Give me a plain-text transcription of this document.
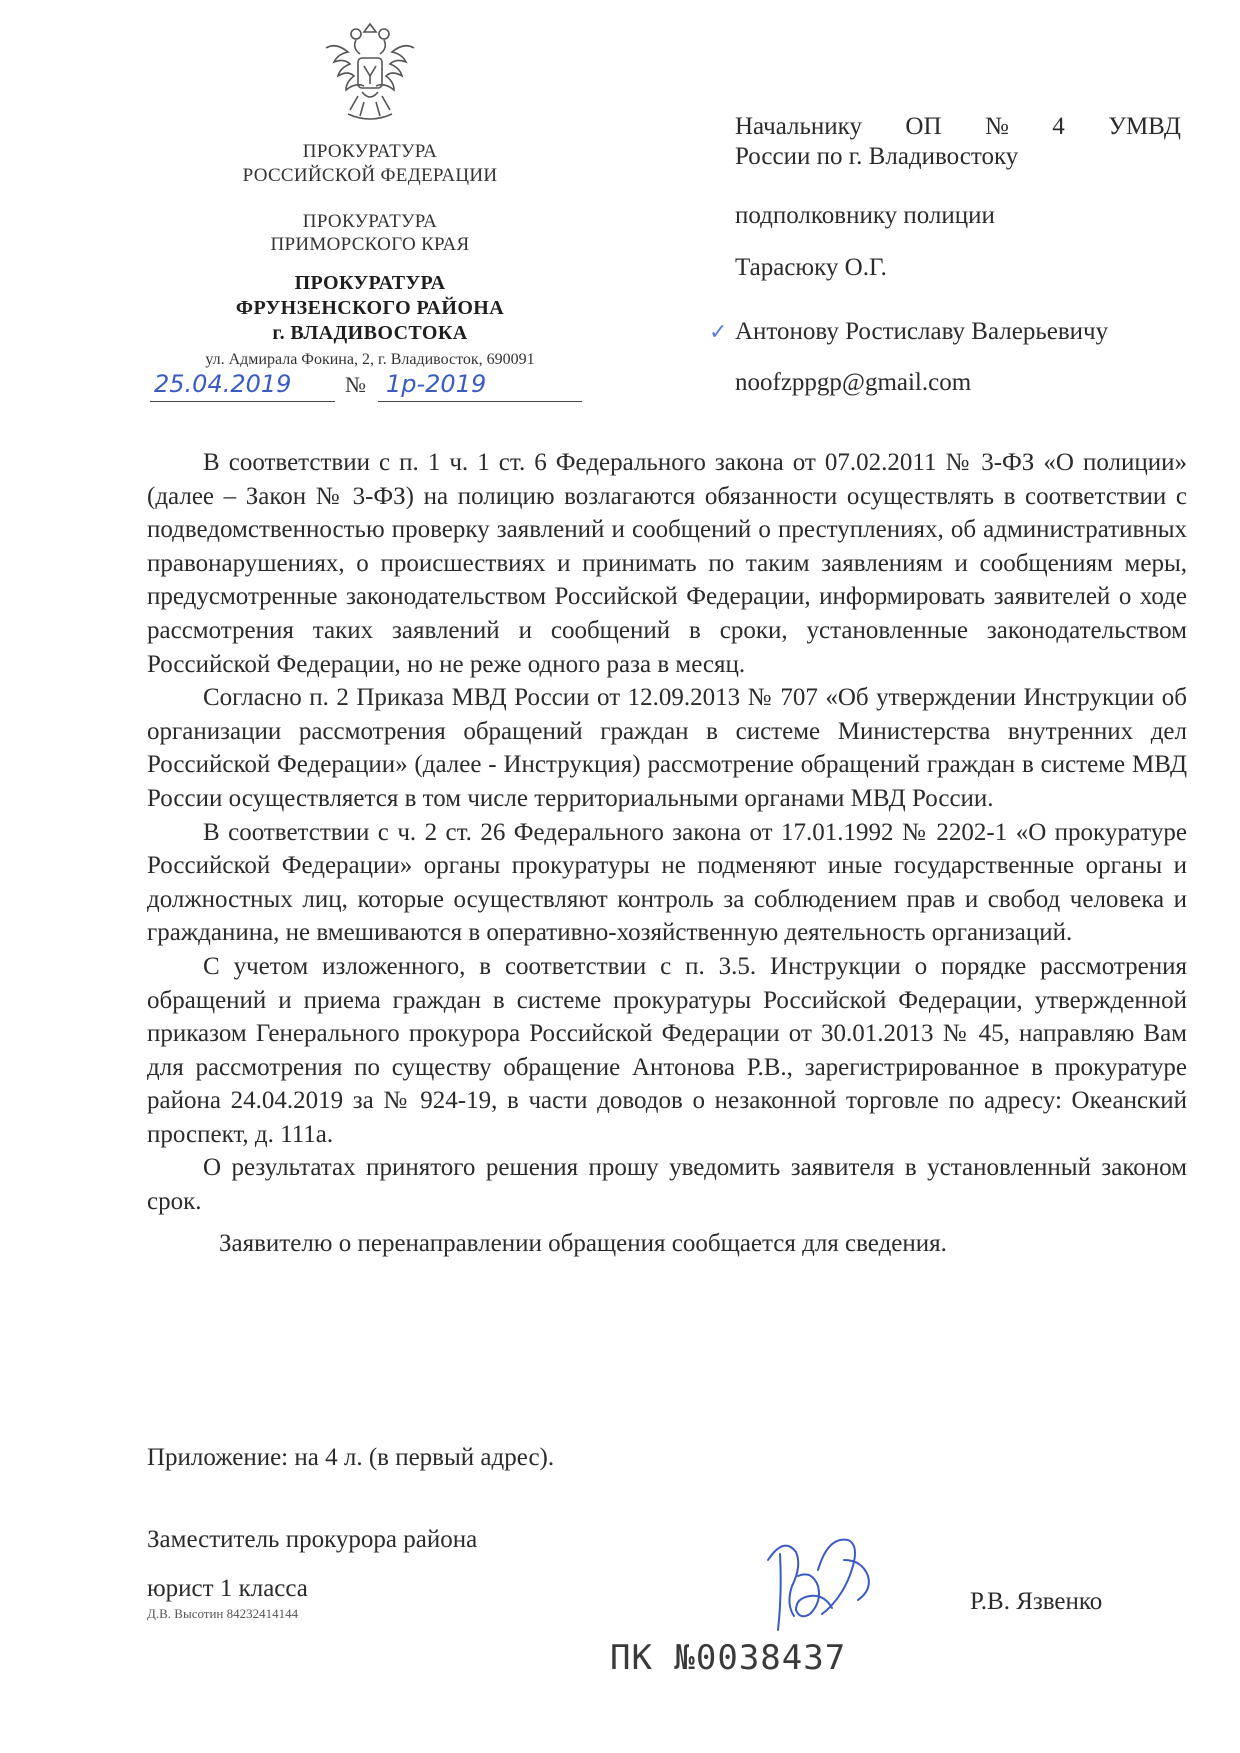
ПРОКУРАТУРА
РОССИЙСКОЙ ФЕДЕРАЦИИ
ПРОКУРАТУРА
ПРИМОРСКОГО КРАЯ
ПРОКУРАТУРА
ФРУНЗЕНСКОГО РАЙОНА
г. ВЛАДИВОСТОКА
ул. Адмирала Фокина, 2, г. Владивосток, 690091
25.04.2019	№ 1р-2019
Начальнику ОП № 4 УМВД

России по г. Владивостоку

подполковнику полиции

Тарасюку О.Г.

✓ Антонову Ростиславу Валерьевичу
noofzppgp@gmail.com

В соответствии с п. 1 ч. 1 ст. 6 Федерального закона от 07.02.2011 № 3-ФЗ «О полиции» (далее – Закон № 3-ФЗ) на полицию возлагаются обязанности осуществлять в соответствии с подведомственностью проверку заявлений и сообщений о преступлениях, об административных правонарушениях, о происшествиях и принимать по таким заявлениям и сообщениям меры, предусмотренные законодательством Российской Федерации, информировать заявителей о ходе рассмотрения таких заявлений и сообщений в сроки, установленные законодательством Российской Федерации, но не реже одного раза в месяц.

Согласно п. 2 Приказа МВД России от 12.09.2013 № 707 «Об утверждении Инструкции об организации рассмотрения обращений граждан в системе Министерства внутренних дел Российской Федерации» (далее - Инструкция) рассмотрение обращений граждан в системе МВД России осуществляется в том числе территориальными органами МВД России.

В соответствии с ч. 2 ст. 26 Федерального закона от 17.01.1992 № 2202-1 «О прокуратуре Российской Федерации» органы прокуратуры не подменяют иные государственные органы и должностных лиц, которые осуществляют контроль за соблюдением прав и свобод человека и гражданина, не вмешиваются в оперативно-хозяйственную деятельность организаций.

С учетом изложенного, в соответствии с п. 3.5. Инструкции о порядке рассмотрения обращений и приема граждан в системе прокуратуры Российской Федерации, утвержденной приказом Генерального прокурора Российской Федерации от 30.01.2013 № 45, направляю Вам для рассмотрения по существу обращение Антонова Р.В., зарегистрированное в прокуратуре района 24.04.2019 за № 924-19, в части доводов о незаконной торговле по адресу: Океанский проспект, д. 111а.

О результатах принятого решения прошу уведомить заявителя в установленный законом срок.

Заявителю о перенаправлении обращения сообщается для сведения.

Приложение: на 4 л. (в первый адрес).
Заместитель прокурора района
юрист 1 класса
Д.В. Высотин 84232414144	Р.В. Язвенко
ПК №0038437
